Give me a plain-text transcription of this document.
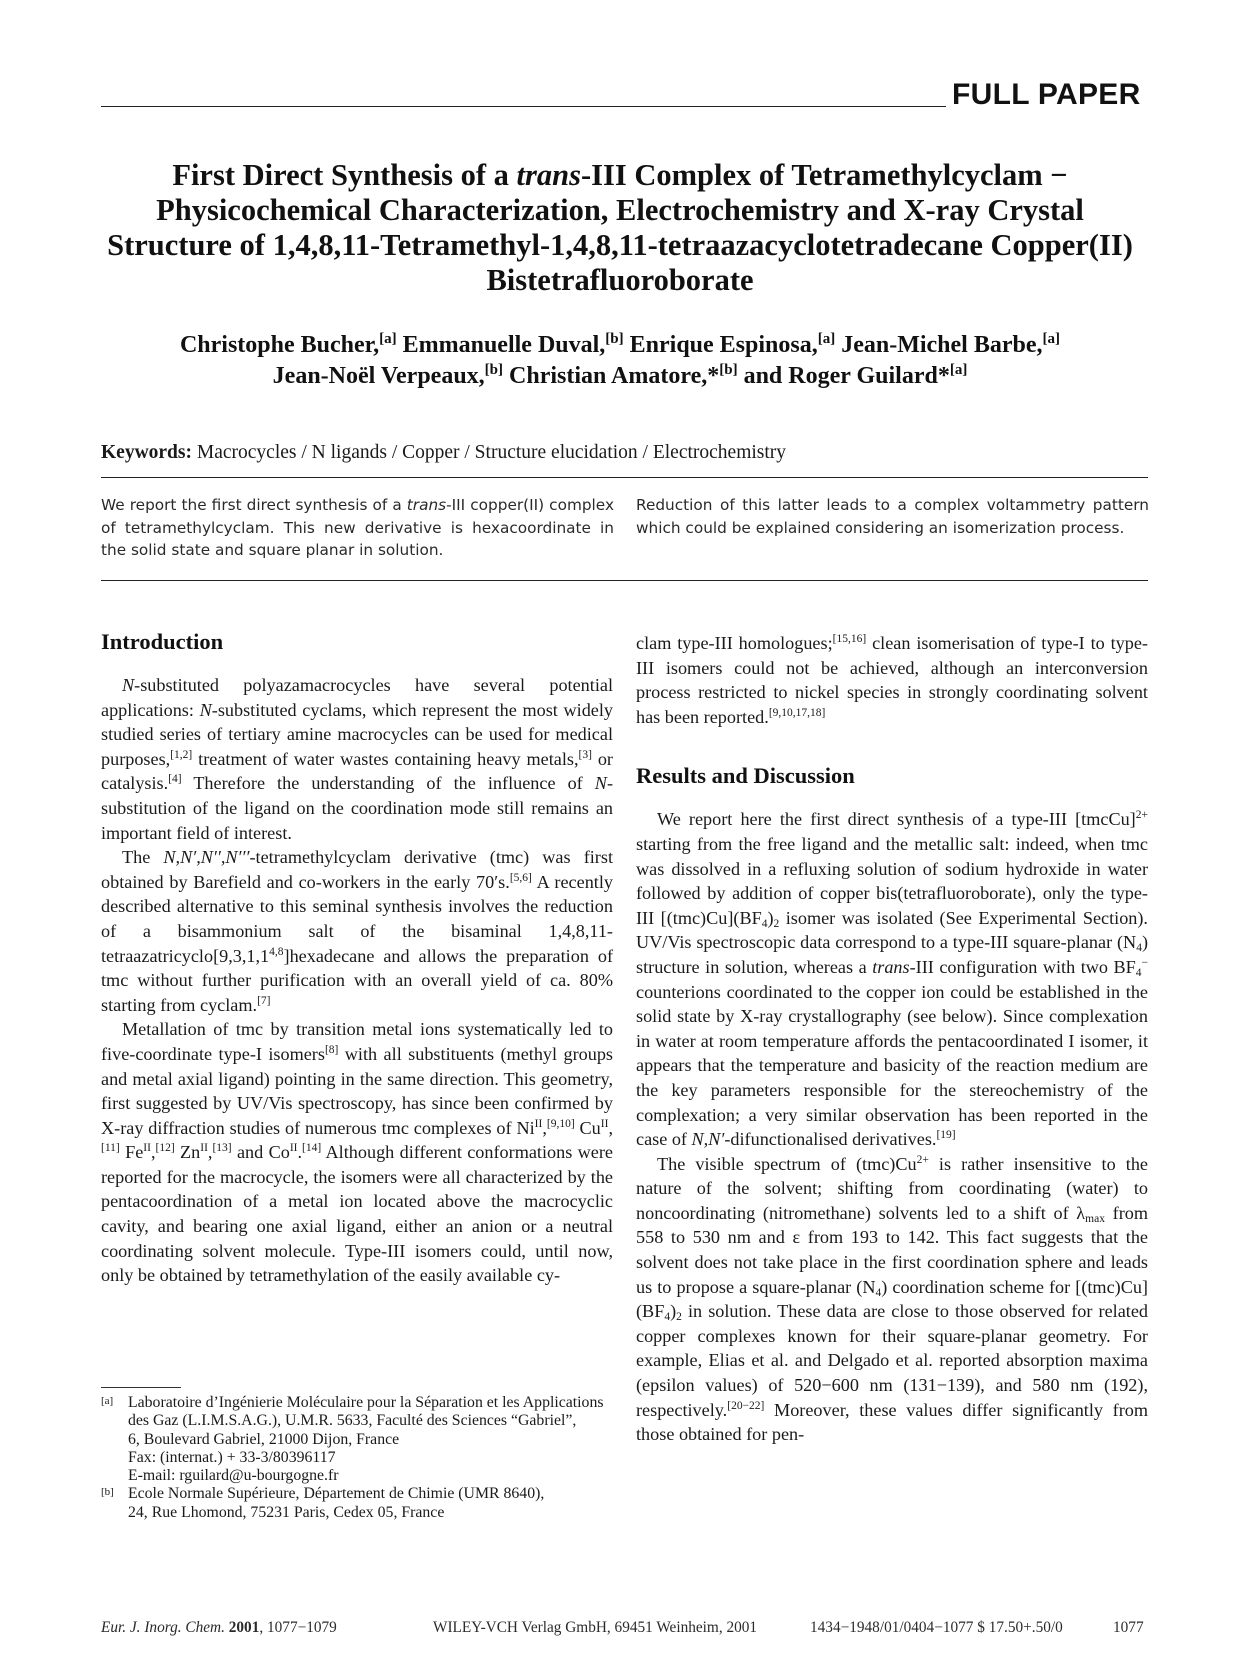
FULL PAPER
First Direct Synthesis of a trans-III Complex of Tetramethylcyclam − Physicochemical Characterization, Electrochemistry and X-ray Crystal Structure of 1,4,8,11-Tetramethyl-1,4,8,11-tetraazacyclotetradecane Copper(II) Bistetrafluoroborate
Christophe Bucher,[a] Emmanuelle Duval,[b] Enrique Espinosa,[a] Jean-Michel Barbe,[a]
Jean-Noël Verpeaux,[b] Christian Amatore,*[b] and Roger Guilard*[a]
Keywords: Macrocycles / N ligands / Copper / Structure elucidation / Electrochemistry
We report the first direct synthesis of a trans-III copper(II) complex of tetramethylcyclam. This new derivative is hexacoordinate in the solid state and square planar in solution.
Reduction of this latter leads to a complex voltammetry pattern which could be explained considering an isomerization process.
Introduction

N-substituted polyazamacrocycles have several potential applications: N-substituted cyclams, which represent the most widely studied series of tertiary amine macrocycles can be used for medical purposes,[1,2] treatment of water wastes containing heavy metals,[3] or catalysis.[4] Therefore the understanding of the influence of N-substitution of the ligand on the coordination mode still remains an important field of interest.

The N,N′,N′′,N′′′-tetramethylcyclam derivative (tmc) was first obtained by Barefield and co-workers in the early 70′s.[5,6] A recently described alternative to this seminal synthesis involves the reduction of a bisammonium salt of the bisaminal 1,4,8,11-tetraazatricyclo[9,3,1,1$^{4,8}$]hexadecane and allows the preparation of tmc without further purification with an overall yield of ca. 80% starting from cyclam.[7]

Metallation of tmc by transition metal ions systematically led to five-coordinate type-I isomers[8] with all substituents (methyl groups and metal axial ligand) pointing in the same direction. This geometry, first suggested by UV/Vis spectroscopy, has since been confirmed by X-ray diffraction studies of numerous tmc complexes of $Ni^{II},[9,10]$ $Cu^{II},[11]$ $Fe^{II},[12]$ $Zn^{II},[13]$ and $Co^{II}.[14]$ Although different conformations were reported for the macrocycle, the isomers were all characterized by the pentacoordination of a metal ion located above the macrocyclic cavity, and bearing one axial ligand, either an anion or a neutral coordinating solvent molecule. Type-III isomers could, until now, only be obtained by tetramethylation of the easily available cy-

[a] Laboratoire d’Ingénierie Moléculaire pour la Séparation et les Applications des Gaz (L.I.M.S.A.G.), U.M.R. 5633, Faculté des Sciences “Gabriel”,
6, Boulevard Gabriel, 21000 Dijon, France
Fax: (internat.) + 33-3/80396117
E-mail: rguilard@u-bourgogne.fr
[b] Ecole Normale Supérieure, Département de Chimie (UMR 8640),
24, Rue Lhomond, 75231 Paris, Cedex 05, France

clam type-III homologues;[15,16] clean isomerisation of type-I to type-III isomers could not be achieved, although an interconversion process restricted to nickel species in strongly coordinating solvent has been reported.[9,10,17,18]

Results and Discussion

We report here the first direct synthesis of a type-III [tmcCu]$^{2+}$ starting from the free ligand and the metallic salt: indeed, when tmc was dissolved in a refluxing solution of sodium hydroxide in water followed by addition of copper bis(tetrafluoroborate), only the type-III $[(tmc)Cu](BF_4)_2$ isomer was isolated (See Experimental Section). UV/Vis spectroscopic data correspond to a type-III square-planar $(N_4)$ structure in solution, whereas a trans-III configuration with two $BF_4^-$ counterions coordinated to the copper ion could be established in the solid state by X-ray crystallography (see below). Since complexation in water at room temperature affords the pentacoordinated I isomer, it appears that the temperature and basicity of the reaction medium are the key parameters responsible for the stereochemistry of the complexation; a very similar observation has been reported in the case of N,N′-difunctionalised derivatives.[19]

The visible spectrum of $(tmc)Cu^{2+}$ is rather insensitive to the nature of the solvent; shifting from coordinating (water) to noncoordinating (nitromethane) solvents led to a shift of $\lambda_{max}$ from 558 to 530 nm and ε from 193 to 142. This fact suggests that the solvent does not take place in the first coordination sphere and leads us to propose a square-planar $(N_4)$ coordination scheme for $[(tmc)Cu](BF_4)_2$ in solution. These data are close to those observed for related copper complexes known for their square-planar geometry. For example, Elias et al. and Delgado et al. reported absorption maxima (epsilon values) of 520−600 nm (131−139), and 580 nm (192), respectively.[20−22] Moreover, these values differ significantly from those obtained for pen-

Eur. J. Inorg. Chem. 2001, 1077−1079	WILEY-VCH Verlag GmbH, 69451 Weinheim, 2001	1434−1948/01/0404−1077 $ 17.50+.50/0	1077
